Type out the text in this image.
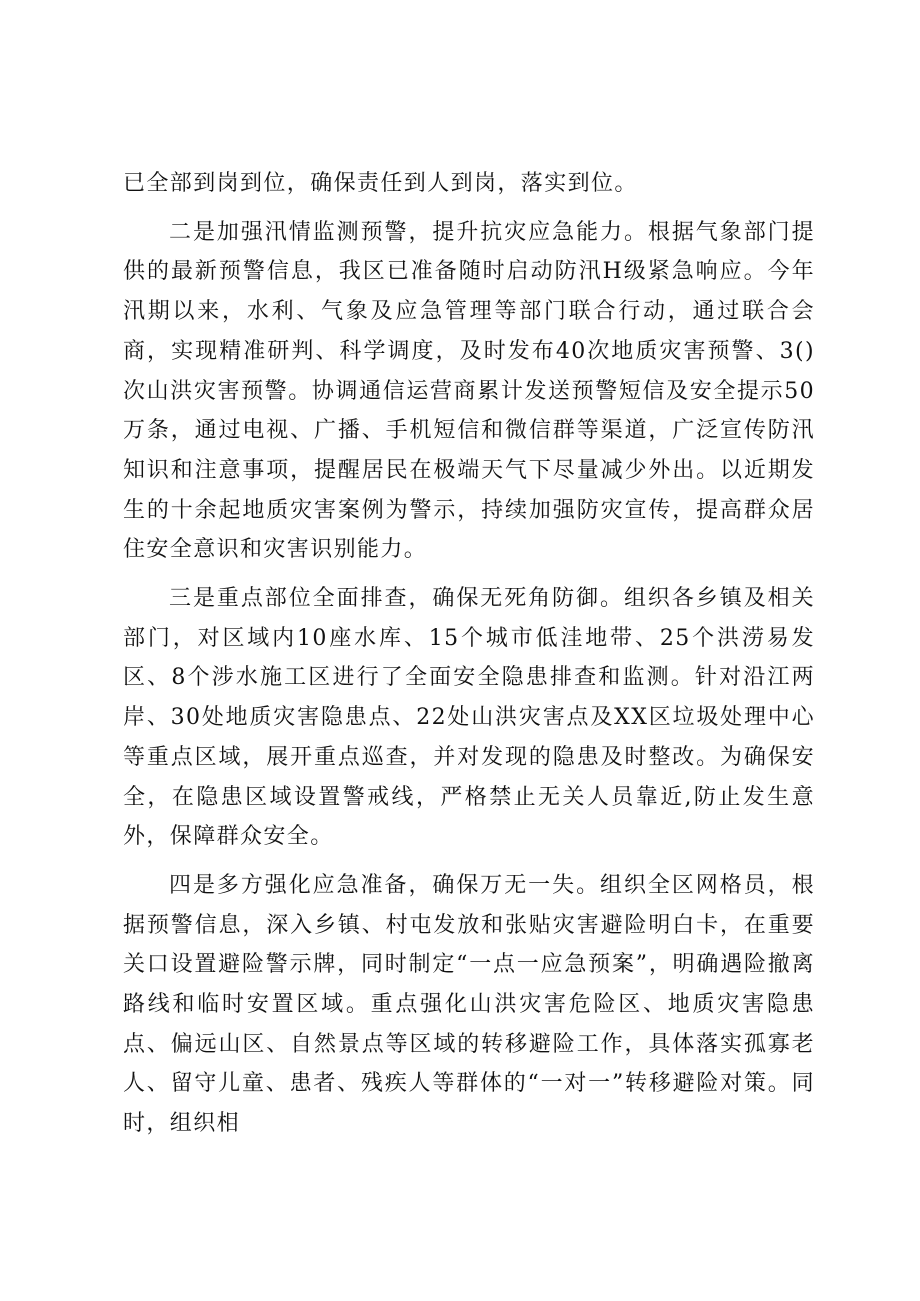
已全部到岗到位，确保责任到人到岗，落实到位。

二是加强汛情监测预警，提升抗灾应急能力。根据气象部门提供的最新预警信息，我区已准备随时启动防汛H级紧急响应。今年汛期以来，水利、气象及应急管理等部门联合行动，通过联合会商，实现精准研判、科学调度，及时发布40次地质灾害预警、3()次山洪灾害预警。协调通信运营商累计发送预警短信及安全提示50万条，通过电视、广播、手机短信和微信群等渠道，广泛宣传防汛知识和注意事项，提醒居民在极端天气下尽量减少外出。以近期发生的十余起地质灾害案例为警示，持续加强防灾宣传，提高群众居住安全意识和灾害识别能力。

三是重点部位全面排查，确保无死角防御。组织各乡镇及相关部门，对区域内10座水库、15个城市低洼地带、25个洪涝易发区、8个涉水施工区进行了全面安全隐患排查和监测。针对沿江两岸、30处地质灾害隐患点、22处山洪灾害点及XX区垃圾处理中心等重点区域，展开重点巡查，并对发现的隐患及时整改。为确保安全，在隐患区域设置警戒线，严格禁止无关人员靠近,防止发生意外，保障群众安全。

四是多方强化应急准备，确保万无一失。组织全区网格员，根据预警信息，深入乡镇、村屯发放和张贴灾害避险明白卡，在重要关口设置避险警示牌，同时制定“一点一应急预案”，明确遇险撤离路线和临时安置区域。重点强化山洪灾害危险区、地质灾害隐患点、偏远山区、自然景点等区域的转移避险工作，具体落实孤寡老人、留守儿童、患者、残疾人等群体的“一对一”转移避险对策。同时，组织相
